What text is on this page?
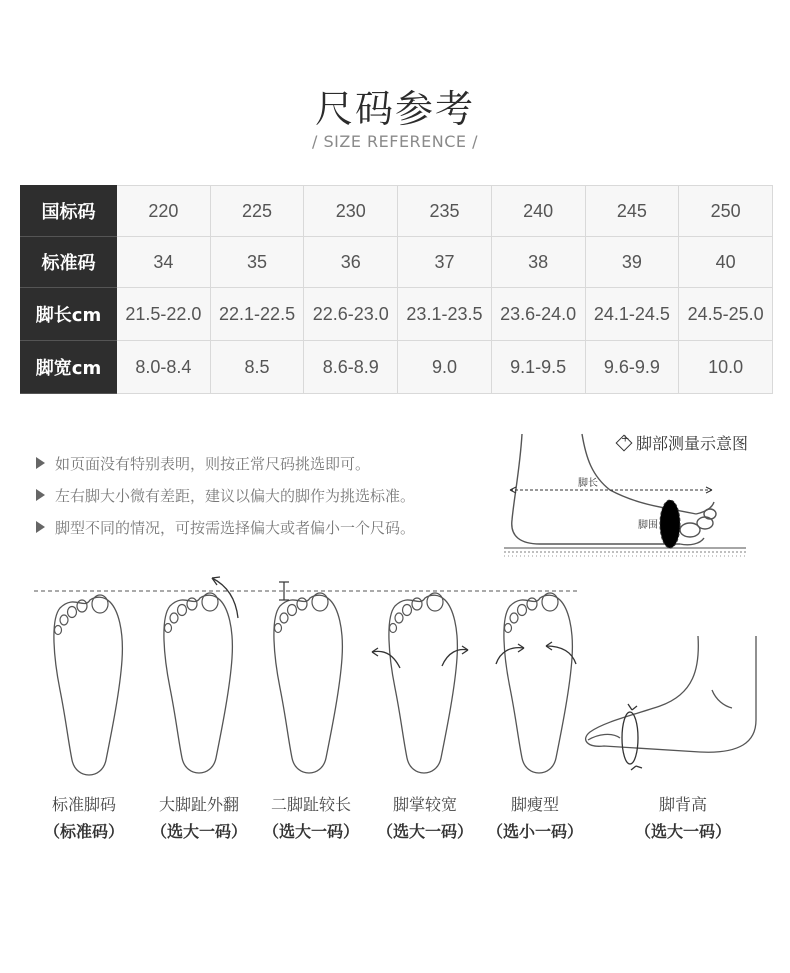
尺码参考
/ SIZE REFERENCE /
国标码	220	225	230	235	240	245	250
标准码	34	35	36	37	38	39	40
脚长cm	21.5-22.0	22.1-22.5	22.6-23.0	23.1-23.5	23.6-24.0	24.1-24.5	24.5-25.0
脚宽cm	8.0-8.4	8.5	8.6-8.9	9.0	9.1-9.5	9.6-9.9	10.0
如页面没有特别表明，则按正常尺码挑选即可。
左右脚大小微有差距，建议以偏大的脚作为挑选标准。
脚型不同的情况，可按需选择偏大或者偏小一个尺码。
+
脚部测量示意图
脚长
脚围
标准脚码
（标准码）
大脚趾外翻
（选大一码）
二脚趾较长
（选大一码）
脚掌较宽
（选大一码）
脚瘦型
（选小一码）
脚背高
（选大一码）
